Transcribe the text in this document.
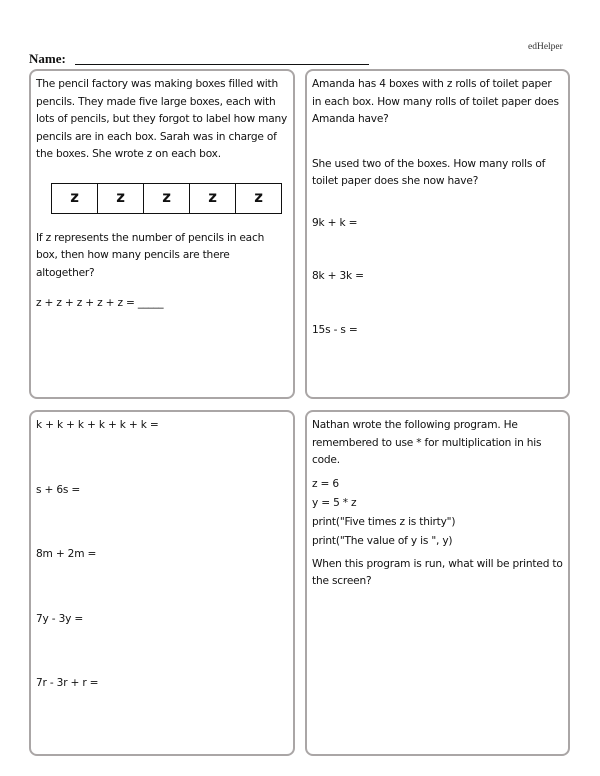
edHelper
Name:

The pencil factory was making boxes filled with pencils. They made five large boxes, each with lots of pencils, but they forgot to label how many pencils are in each box. Sarah was in charge of the boxes. She wrote z on each box.

z	z	z	z	z

If z represents the number of pencils in each box, then how many pencils are there altogether?

z + z + z + z + z = _____

Amanda has 4 boxes with z rolls of toilet paper in each box. How many rolls of toilet paper does Amanda have?

She used two of the boxes. How many rolls of toilet paper does she now have?

9k + k =

8k + 3k =

15s - s =

k + k + k + k + k + k =

s + 6s =

8m + 2m =

7y - 3y =

7r - 3r + r =

Nathan wrote the following program. He remembered to use * for multiplication in his code.

z = 6

y = 5 * z

print("Five times z is thirty")

print("The value of y is ", y)

When this program is run, what will be printed to the screen?
